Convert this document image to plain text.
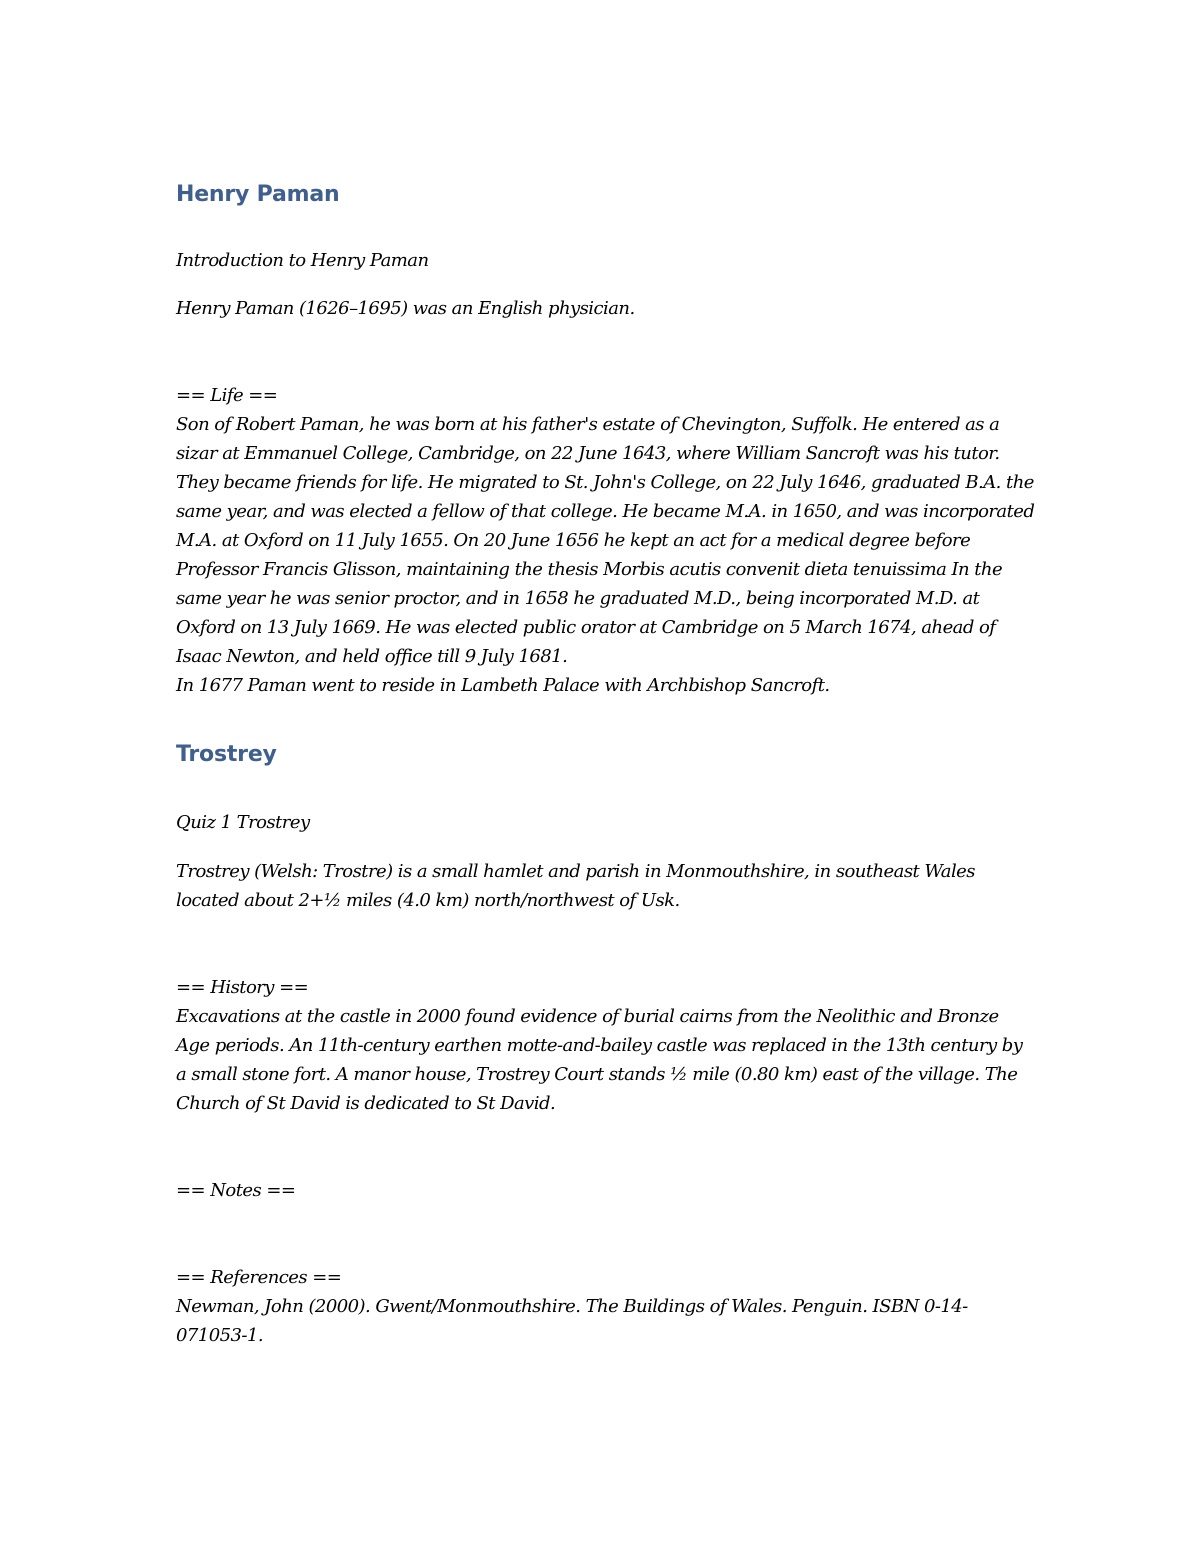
Henry Paman

Introduction to Henry Paman

Henry Paman (1626–1695) was an English physician.

== Life ==
Son of Robert Paman, he was born at his father's estate of Chevington, Suffolk. He entered as a sizar at Emmanuel College, Cambridge, on 22 June 1643, where William Sancroft was his tutor. They became friends for life. He migrated to St. John's College, on 22 July 1646, graduated B.A. the same year, and was elected a fellow of that college. He became M.A. in 1650, and was incorporated M.A. at Oxford on 11 July 1655. On 20 June 1656 he kept an act for a medical degree before Professor Francis Glisson, maintaining the thesis Morbis acutis convenit dieta tenuissima In the same year he was senior proctor, and in 1658 he graduated M.D., being incorporated M.D. at Oxford on 13 July 1669. He was elected public orator at Cambridge on 5 March 1674, ahead of Isaac Newton, and held office till 9 July 1681.
In 1677 Paman went to reside in Lambeth Palace with Archbishop Sancroft.

Trostrey

Quiz 1 Trostrey

Trostrey (Welsh: Trostre) is a small hamlet and parish in Monmouthshire, in southeast Wales located about 2+½ miles (4.0 km) north/northwest of Usk.

== History ==
Excavations at the castle in 2000 found evidence of burial cairns from the Neolithic and Bronze Age periods. An 11th-century earthen motte-and-bailey castle was replaced in the 13th century by a small stone fort. A manor house, Trostrey Court stands ½ mile (0.80 km) east of the village. The Church of St David is dedicated to St David.

== Notes ==

== References ==
Newman, John (2000). Gwent/Monmouthshire. The Buildings of Wales. Penguin. ISBN 0-14-071053-1.
